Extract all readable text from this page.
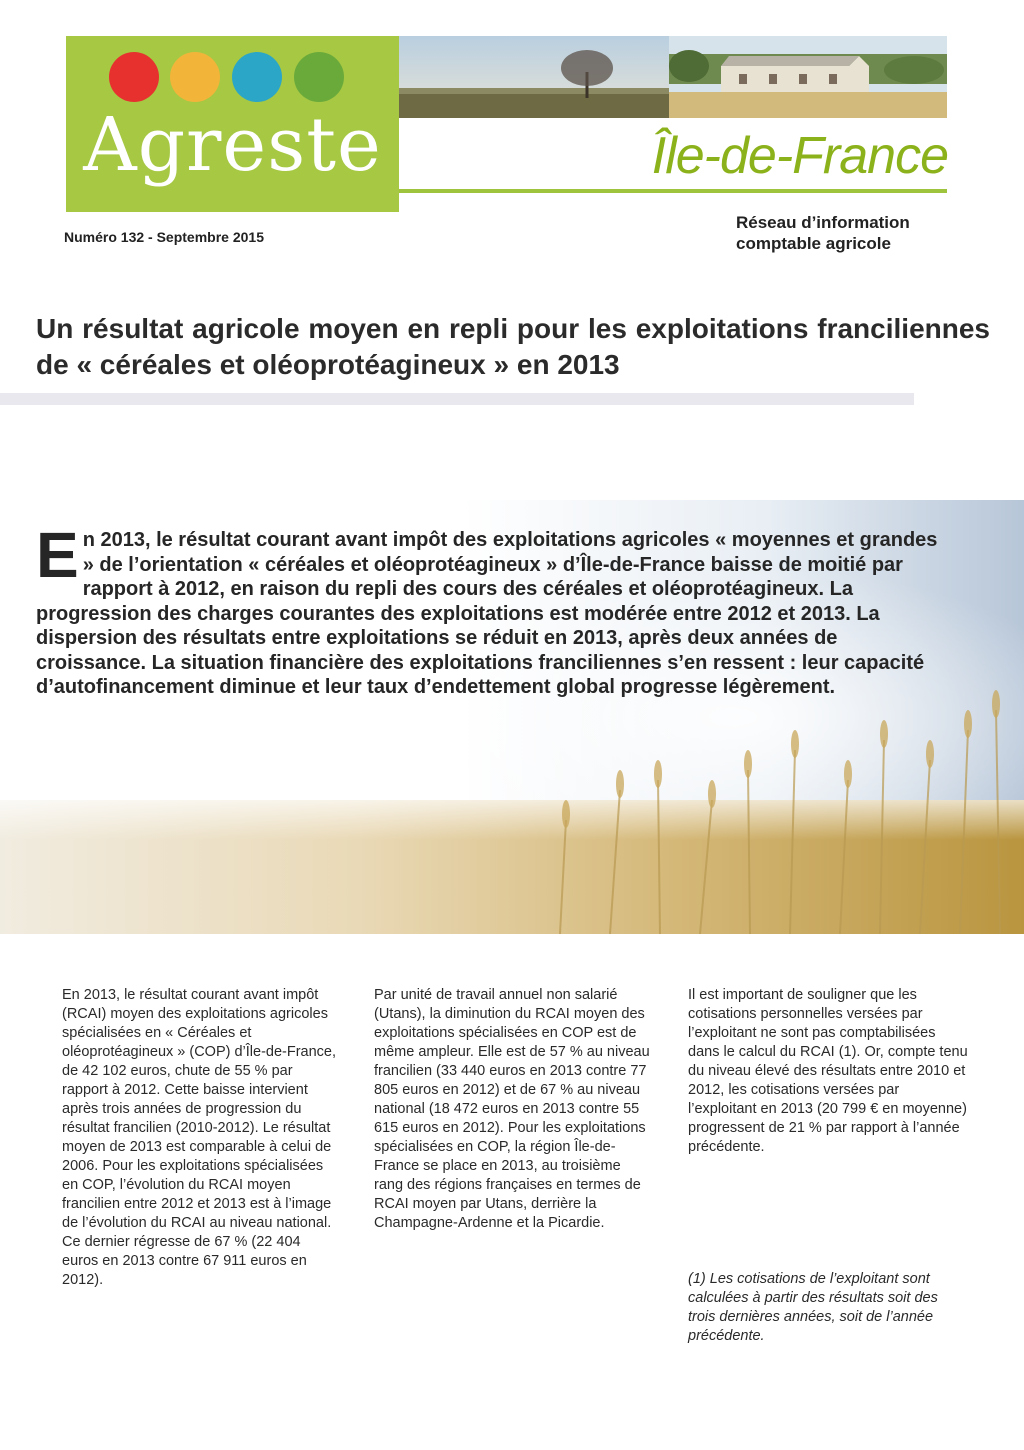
Agreste	Île-de-France
Numéro 132 - Septembre 2015
Réseau d’information
comptable agricole
Un résultat agricole moyen en repli pour les exploitations franciliennes de « céréales et oléoprotéagineux » en 2013
En 2013, le résultat courant avant impôt des exploitations agricoles « moyennes et grandes » de l’orientation « céréales et oléoprotéagineux » d’Île-de-France baisse de moitié par rapport à 2012, en raison du repli des cours des céréales et oléoprotéagineux. La progression des charges courantes des exploitations est modérée entre 2012 et 2013. La dispersion des résultats entre exploitations se réduit en 2013, après deux années de croissance. La situation financière des exploitations franciliennes s’en ressent : leur capacité d’autofinancement diminue et leur taux d’endettement global progresse légèrement.

En 2013, le résultat courant avant impôt (RCAI) moyen des exploitations agricoles spécialisées en « Céréales et oléoprotéagineux » (COP) d’Île-de-France, de 42 102 euros, chute de 55 % par rapport à 2012. Cette baisse intervient après trois années de progression du résultat francilien (2010-2012). Le résultat moyen de 2013 est comparable à celui de 2006. Pour les exploitations spécialisées en COP, l’évolution du RCAI moyen francilien entre 2012 et 2013 est à l’image de l’évolution du RCAI au niveau national. Ce dernier régresse de 67 % (22 404 euros en 2013 contre 67 911 euros en 2012).

Par unité de travail annuel non salarié (Utans), la diminution du RCAI moyen des exploitations spécialisées en COP est de même ampleur. Elle est de 57 % au niveau francilien (33 440 euros en 2013 contre 77 805 euros en 2012) et de 67 % au niveau national (18 472 euros en 2013 contre 55 615 euros en 2012). Pour les exploitations spécialisées en COP, la région Île-de-France se place en 2013, au troisième rang des régions françaises en termes de RCAI moyen par Utans, derrière la Champagne-Ardenne et la Picardie.

Il est important de souligner que les cotisations personnelles versées par l’exploitant ne sont pas comptabilisées dans le calcul du RCAI (1). Or, compte tenu du niveau élevé des résultats entre 2010 et 2012, les cotisations versées par l’exploitant en 2013 (20 799 € en moyenne) progressent de 21 % par rapport à l’année précédente.

(1) Les cotisations de l’exploitant sont calculées à partir des résultats soit des trois dernières années, soit de l’année précédente.
